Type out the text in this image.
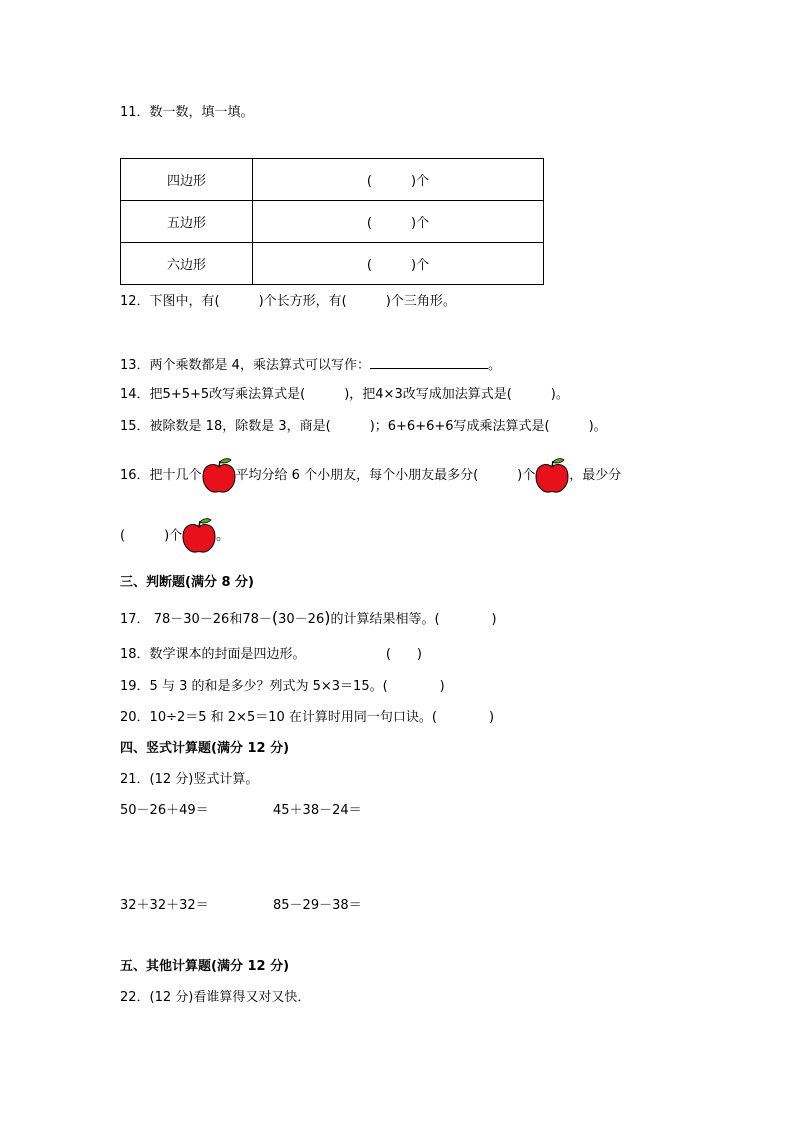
11．数一数，填一填。
四边形	(　　　)个
五边形	(　　　)个
六边形	(　　　)个
12．下图中，有(　　　)个长方形，有(　　　)个三角形。
13．两个乘数都是 4，乘法算式可以写作：	。
14．把5+5+5改写乘法算式是(　　　)，把4×3改写成加法算式是(　　　)。
15．被除数是 18，除数是 3，商是(　　　)；6+6+6+6写成乘法算式是(　　　)。
16．把十几个	平均分给 6 个小朋友，每个小朋友最多分(　　　)个	，最少分
(　　　)个	。
三、判断题(满分 8 分)
17． 78－30－26和78－(30－26)的计算结果相等。(　　　　)
18．数学课本的封面是四边形。	(　　)
19．5 与 3 的和是多少？列式为 5×3＝15。(　　　　)
20．10÷2＝5 和 2×5＝10 在计算时用同一句口诀。(　　　　)
四、竖式计算题(满分 12 分)
21．(12 分)竖式计算。
50－26＋49＝	45＋38－24＝
32＋32＋32＝	85－29－38＝
五、其他计算题(满分 12 分)
22．(12 分)看谁算得又对又快．
